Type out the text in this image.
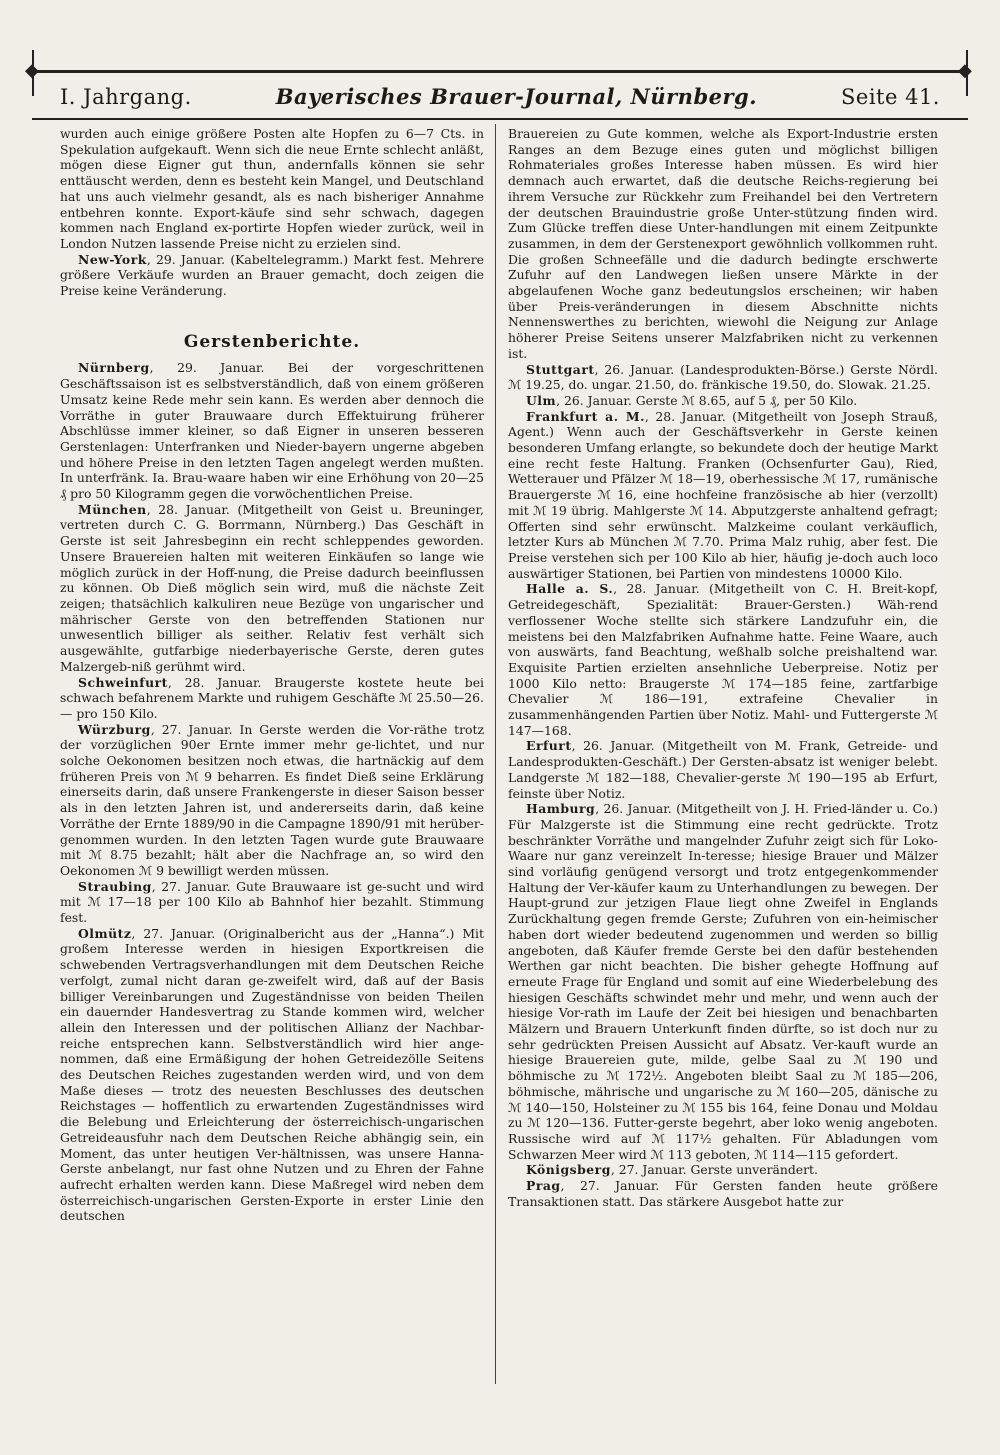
◆	◆
I. Jahrgang.	Bayerisches Brauer-Journal, Nürnberg.	Seite 41.

wurden auch einige größere Posten alte Hopfen zu 6—7 Cts. in Spekulation aufgekauft. Wenn sich die neue Ernte schlecht anläßt, mögen diese Eigner gut thun, andernfalls können sie sehr enttäuscht werden, denn es besteht kein Mangel, und Deutschland hat uns auch vielmehr gesandt, als es nach bisheriger Annahme entbehren konnte. Export-käufe sind sehr schwach, dagegen kommen nach England ex-portirte Hopfen wieder zurück, weil in London Nutzen lassende Preise nicht zu erzielen sind.

New-York, 29. Januar. (Kabeltelegramm.) Markt fest. Mehrere größere Verkäufe wurden an Brauer gemacht, doch zeigen die Preise keine Veränderung.

Gerstenberichte.

Nürnberg, 29. Januar. Bei der vorgeschrittenen Geschäftssaison ist es selbstverständlich, daß von einem größeren Umsatz keine Rede mehr sein kann. Es werden aber dennoch die Vorräthe in guter Brauwaare durch Effektuirung früherer Abschlüsse immer kleiner, so daß Eigner in unseren besseren Gerstenlagen: Unterfranken und Nieder-bayern ungerne abgeben und höhere Preise in den letzten Tagen angelegt werden mußten. In unterfränk. Ia. Brau-waare haben wir eine Erhöhung von 20—25 ₰ pro 50 Kilogramm gegen die vorwöchentlichen Preise.

München, 28. Januar. (Mitgetheilt von Geist u. Breuninger, vertreten durch C. G. Borrmann, Nürnberg.) Das Geschäft in Gerste ist seit Jahresbeginn ein recht schleppendes geworden. Unsere Brauereien halten mit weiteren Einkäufen so lange wie möglich zurück in der Hoff-nung, die Preise dadurch beeinflussen zu können. Ob Dieß möglich sein wird, muß die nächste Zeit zeigen; thatsächlich kalkuliren neue Bezüge von ungarischer und mährischer Gerste von den betreffenden Stationen nur unwesentlich billiger als seither. Relativ fest verhält sich ausgewählte, gutfarbige niederbayerische Gerste, deren gutes Malzergeb-niß gerühmt wird.

Schweinfurt, 28. Januar. Braugerste kostete heute bei schwach befahrenem Markte und ruhigem Geschäfte ℳ 25.50—26.— pro 150 Kilo.

Würzburg, 27. Januar. In Gerste werden die Vor-räthe trotz der vorzüglichen 90er Ernte immer mehr ge-lichtet, und nur solche Oekonomen besitzen noch etwas, die hartnäckig auf dem früheren Preis von ℳ 9 beharren. Es findet Dieß seine Erklärung einerseits darin, daß unsere Frankengerste in dieser Saison besser als in den letzten Jahren ist, und andererseits darin, daß keine Vorräthe der Ernte 1889/90 in die Campagne 1890/91 mit herüber-genommen wurden. In den letzten Tagen wurde gute Brauwaare mit ℳ 8.75 bezahlt; hält aber die Nachfrage an, so wird den Oekonomen ℳ 9 bewilligt werden müssen.

Straubing, 27. Januar. Gute Brauwaare ist ge-sucht und wird mit ℳ 17—18 per 100 Kilo ab Bahnhof hier bezahlt. Stimmung fest.

Olmütz, 27. Januar. (Originalbericht aus der „Hanna“.) Mit großem Interesse werden in hiesigen Exportkreisen die schwebenden Vertragsverhandlungen mit dem Deutschen Reiche verfolgt, zumal nicht daran ge-zweifelt wird, daß auf der Basis billiger Vereinbarungen und Zugeständnisse von beiden Theilen ein dauernder Handesvertrag zu Stande kommen wird, welcher allein den Interessen und der politischen Allianz der Nachbar-reiche entsprechen kann. Selbstverständlich wird hier ange-nommen, daß eine Ermäßigung der hohen Getreidezölle Seitens des Deutschen Reiches zugestanden werden wird, und von dem Maße dieses — trotz des neuesten Beschlusses des deutschen Reichstages — hoffentlich zu erwartenden Zugeständnisses wird die Belebung und Erleichterung der österreichisch-ungarischen Getreideausfuhr nach dem Deutschen Reiche abhängig sein, ein Moment, das unter heutigen Ver-hältnissen, was unsere Hanna-Gerste anbelangt, nur fast ohne Nutzen und zu Ehren der Fahne aufrecht erhalten werden kann. Diese Maßregel wird neben dem österreichisch-ungarischen Gersten-Exporte in erster Linie den deutschen

Brauereien zu Gute kommen, welche als Export-Industrie ersten Ranges an dem Bezuge eines guten und möglichst billigen Rohmateriales großes Interesse haben müssen. Es wird hier demnach auch erwartet, daß die deutsche Reichs-regierung bei ihrem Versuche zur Rückkehr zum Freihandel bei den Vertretern der deutschen Brauindustrie große Unter-stützung finden wird. Zum Glücke treffen diese Unter-handlungen mit einem Zeitpunkte zusammen, in dem der Gerstenexport gewöhnlich vollkommen ruht. Die großen Schneefälle und die dadurch bedingte erschwerte Zufuhr auf den Landwegen ließen unsere Märkte in der abgelaufenen Woche ganz bedeutungslos erscheinen; wir haben über Preis-veränderungen in diesem Abschnitte nichts Nennenswerthes zu berichten, wiewohl die Neigung zur Anlage höherer Preise Seitens unserer Malzfabriken nicht zu verkennen ist.

Stuttgart, 26. Januar. (Landesprodukten-Börse.) Gerste Nördl. ℳ 19.25, do. ungar. 21.50, do. fränkische 19.50, do. Slowak. 21.25.

Ulm, 26. Januar. Gerste ℳ 8.65, auf 5 ₰, per 50 Kilo.

Frankfurt a. M., 28. Januar. (Mitgetheilt von Joseph Strauß, Agent.) Wenn auch der Geschäftsverkehr in Gerste keinen besonderen Umfang erlangte, so bekundete doch der heutige Markt eine recht feste Haltung. Franken (Ochsenfurter Gau), Ried, Wetterauer und Pfälzer ℳ 18—19, oberhessische ℳ 17, rumänische Brauergerste ℳ 16, eine hochfeine französische ab hier (verzollt) mit ℳ 19 übrig. Mahlgerste ℳ 14. Abputzgerste anhaltend gefragt; Offerten sind sehr erwünscht. Malzkeime coulant verkäuflich, letzter Kurs ab München ℳ 7.70. Prima Malz ruhig, aber fest. Die Preise verstehen sich per 100 Kilo ab hier, häufig je-doch auch loco auswärtiger Stationen, bei Partien von mindestens 10000 Kilo.

Halle a. S., 28. Januar. (Mitgetheilt von C. H. Breit-kopf, Getreidegeschäft, Spezialität: Brauer-Gersten.) Wäh-rend verflossener Woche stellte sich stärkere Landzufuhr ein, die meistens bei den Malzfabriken Aufnahme hatte. Feine Waare, auch von auswärts, fand Beachtung, weßhalb solche preishaltend war. Exquisite Partien erzielten ansehnliche Ueberpreise. Notiz per 1000 Kilo netto: Braugerste ℳ 174—185 feine, zartfarbige Chevalier ℳ 186—191, extrafeine Chevalier in zusammenhängenden Partien über Notiz. Mahl- und Futtergerste ℳ 147—168.

Erfurt, 26. Januar. (Mitgetheilt von M. Frank, Getreide- und Landesprodukten-Geschäft.) Der Gersten-absatz ist weniger belebt. Landgerste ℳ 182—188, Chevalier-gerste ℳ 190—195 ab Erfurt, feinste über Notiz.

Hamburg, 26. Januar. (Mitgetheilt von J. H. Fried-länder u. Co.) Für Malzgerste ist die Stimmung eine recht gedrückte. Trotz beschränkter Vorräthe und mangelnder Zufuhr zeigt sich für Loko-Waare nur ganz vereinzelt In-teresse; hiesige Brauer und Mälzer sind vorläufig genügend versorgt und trotz entgegenkommender Haltung der Ver-käufer kaum zu Unterhandlungen zu bewegen. Der Haupt-grund zur jetzigen Flaue liegt ohne Zweifel in Englands Zurückhaltung gegen fremde Gerste; Zufuhren von ein-heimischer haben dort wieder bedeutend zugenommen und werden so billig angeboten, daß Käufer fremde Gerste bei den dafür bestehenden Werthen gar nicht beachten. Die bisher gehegte Hoffnung auf erneute Frage für England und somit auf eine Wiederbelebung des hiesigen Geschäfts schwindet mehr und mehr, und wenn auch der hiesige Vor-rath im Laufe der Zeit bei hiesigen und benachbarten Mälzern und Brauern Unterkunft finden dürfte, so ist doch nur zu sehr gedrückten Preisen Aussicht auf Absatz. Ver-kauft wurde an hiesige Brauereien gute, milde, gelbe Saal zu ℳ 190 und böhmische zu ℳ 172½. Angeboten bleibt Saal zu ℳ 185—206, böhmische, mährische und ungarische zu ℳ 160—205, dänische zu ℳ 140—150, Holsteiner zu ℳ 155 bis 164, feine Donau und Moldau zu ℳ 120—136. Futter-gerste begehrt, aber loko wenig angeboten. Russische wird auf ℳ 117½ gehalten. Für Abladungen vom Schwarzen Meer wird ℳ 113 geboten, ℳ 114—115 gefordert.

Königsberg, 27. Januar. Gerste unverändert.

Prag, 27. Januar. Für Gersten fanden heute größere Transaktionen statt. Das stärkere Ausgebot hatte zur
